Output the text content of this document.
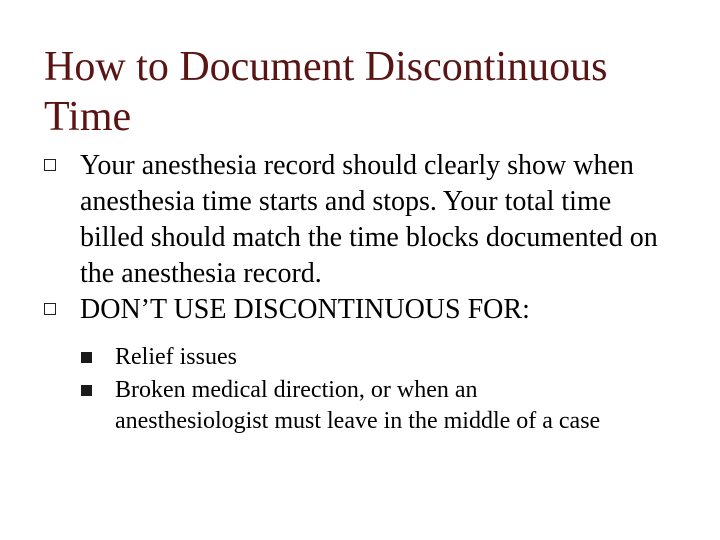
How to Document Discontinuous Time
Your anesthesia record should clearly show when anesthesia time starts and stops. Your total time billed should match the time blocks documented on the anesthesia record.
DON’T USE DISCONTINUOUS FOR:
Relief issues
Broken medical direction, or when an anesthesiologist must leave in the middle of a case
